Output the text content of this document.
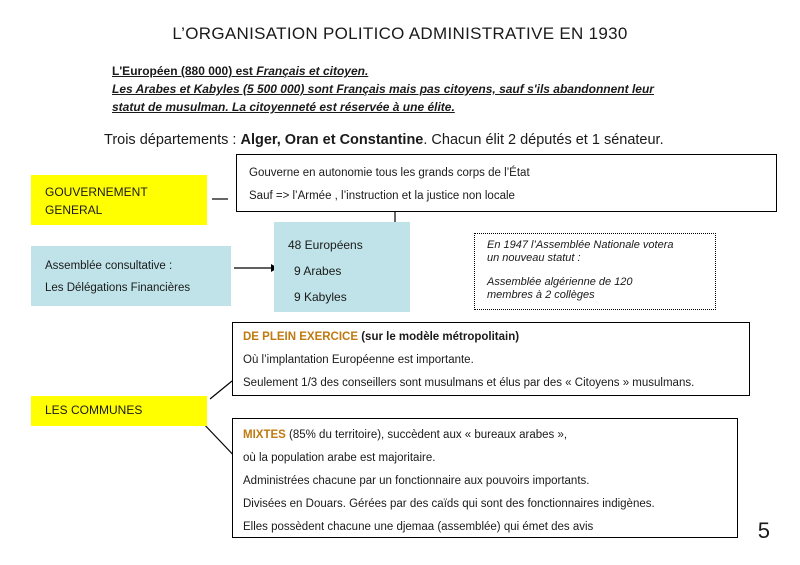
L’ORGANISATION POLITICO ADMINISTRATIVE EN 1930
L'Européen (880 000) est Français et citoyen.
Les Arabes et Kabyles (5 500 000) sont Français mais pas citoyens, sauf s'ils abandonnent leur
statut de musulman. La citoyenneté est réservée à une élite.
Trois départements : Alger, Oran et Constantine. Chacun élit 2 députés et 1 sénateur.
GOUVERNEMENT
GENERAL
Gouverne en autonomie tous les grands corps de l’État
Sauf => l’Armée , l’instruction et la justice non locale
Assemblée consultative :
Les Délégations Financières
48 Européens
9 Arabes
9 Kabyles
En 1947 l’Assemblée Nationale votera
un nouveau statut :
Assemblée algérienne de 120
membres à 2 collèges
LES COMMUNES
DE PLEIN EXERCICE (sur le modèle métropolitain)
Où l’implantation Européenne est importante.
Seulement 1/3 des conseillers sont musulmans et élus par des « Citoyens » musulmans.
MIXTES (85% du territoire), succèdent aux « bureaux arabes »,
où la population arabe est majoritaire.
Administrées chacune par un fonctionnaire aux pouvoirs importants.
Divisées en Douars. Gérées par des caïds qui sont des fonctionnaires indigènes.
Elles possèdent chacune une djemaa (assemblée) qui émet des avis	5
